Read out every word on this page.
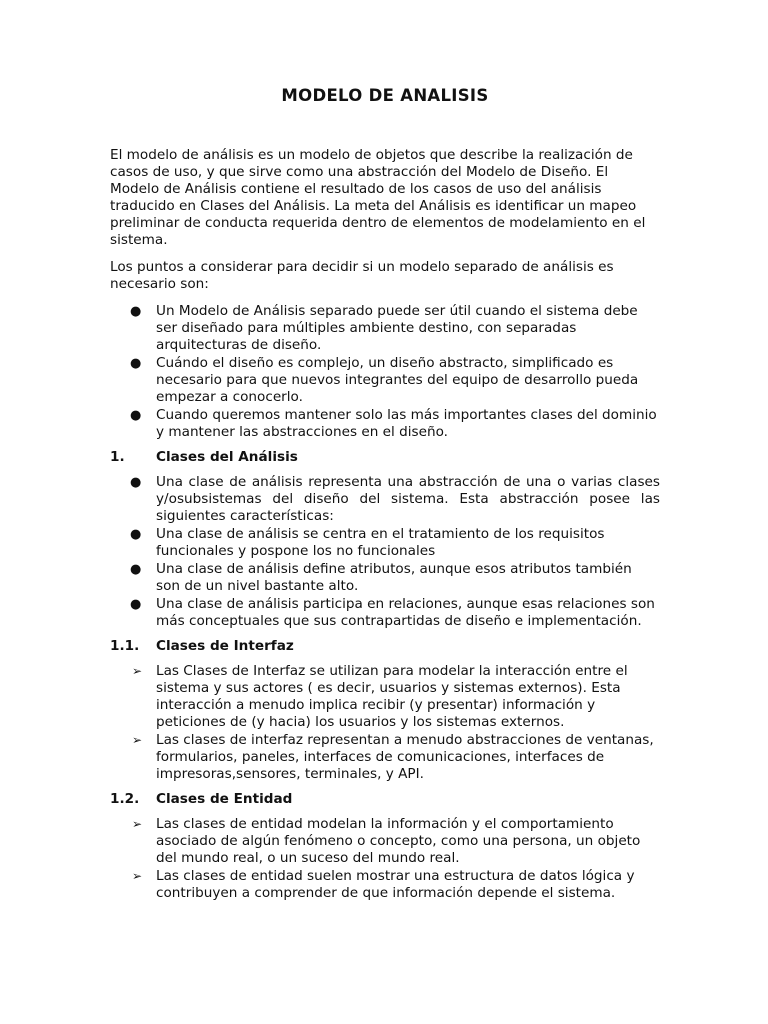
MODELO DE ANALISIS

El modelo de análisis es un modelo de objetos que describe la realización de casos de uso, y que sirve como una abstracción del Modelo de Diseño. El Modelo de Análisis contiene el resultado de los casos de uso del análisis traducido en Clases del Análisis. La meta del Análisis es identificar un mapeo preliminar de conducta requerida dentro de elementos de modelamiento en el sistema.

Los puntos a considerar para decidir si un modelo separado de análisis es necesario son:

●	Un Modelo de Análisis separado puede ser útil cuando el sistema debe ser diseñado para múltiples ambiente destino, con separadas arquitecturas de diseño.
●	Cuándo el diseño es complejo, un diseño abstracto, simplificado es necesario para que nuevos integrantes del equipo de desarrollo pueda empezar a conocerlo.
●	Cuando queremos mantener solo las más importantes clases del dominio y mantener las abstracciones en el diseño.
1.	Clases del Análisis
●	Una clase de análisis representa una abstracción de una o varias clases y/osubsistemas del diseño del sistema. Esta abstracción posee las siguientes características:
●	Una clase de análisis se centra en el tratamiento de los requisitos funcionales y pospone los no funcionales
●	Una clase de análisis define atributos, aunque esos atributos también son de un nivel bastante alto.
●	Una clase de análisis participa en relaciones, aunque esas relaciones son más conceptuales que sus contrapartidas de diseño e implementación.
1.1.	Clases de Interfaz
➢	Las Clases de Interfaz se utilizan para modelar la interacción entre el sistema y sus actores ( es decir, usuarios y sistemas externos). Esta interacción a menudo implica recibir (y presentar) información y peticiones de (y hacia) los usuarios y los sistemas externos.
➢	Las clases de interfaz representan a menudo abstracciones de ventanas, formularios, paneles, interfaces de comunicaciones, interfaces de impresoras,sensores, terminales, y API.
1.2.	Clases de Entidad
➢	Las clases de entidad modelan la información y el comportamiento asociado de algún fenómeno o concepto, como una persona, un objeto del mundo real, o un suceso del mundo real.
➢	Las clases de entidad suelen mostrar una estructura de datos lógica y contribuyen a comprender de que información depende el sistema.
